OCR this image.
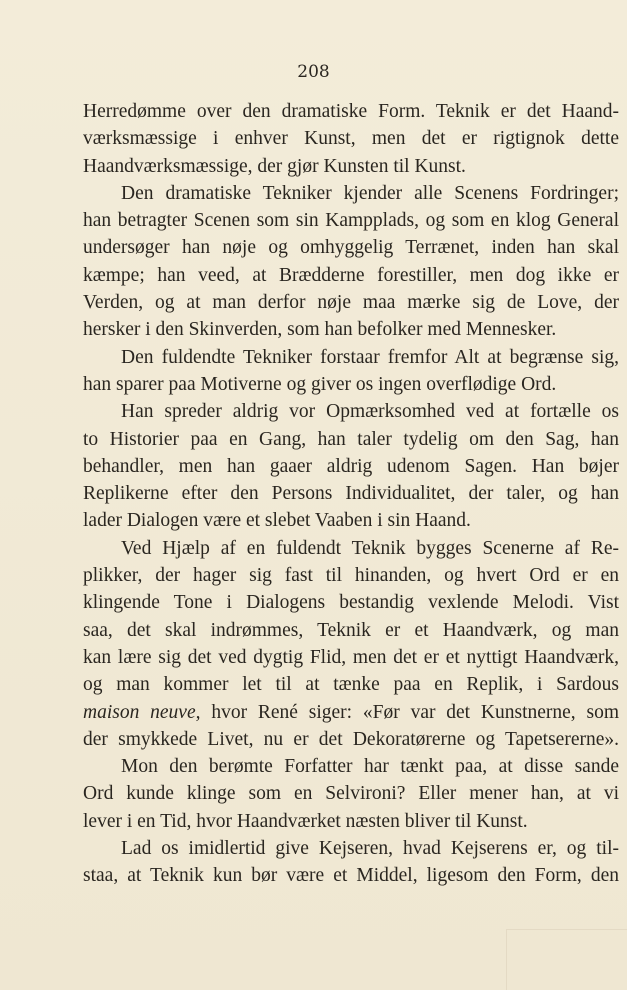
208
Herredømme over den dramatiske Form. Teknik er det Haand-
værksmæssige i enhver Kunst, men det er rigtignok dette
Haandværksmæssige, der gjør Kunsten til Kunst.
Den dramatiske Tekniker kjender alle Scenens Fordringer;
han betragter Scenen som sin Kampplads, og som en klog General
undersøger han nøje og omhyggelig Terrænet, inden han skal
kæmpe; han veed, at Brædderne forestiller, men dog ikke er
Verden, og at man derfor nøje maa mærke sig de Love, der
hersker i den Skinverden, som han befolker med Mennesker.
Den fuldendte Tekniker forstaar fremfor Alt at begrænse sig,
han sparer paa Motiverne og giver os ingen overflødige Ord.
Han spreder aldrig vor Opmærksomhed ved at fortælle os
to Historier paa en Gang, han taler tydelig om den Sag, han
behandler, men han gaaer aldrig udenom Sagen. Han bøjer
Replikerne efter den Persons Individualitet, der taler, og han
lader Dialogen være et slebet Vaaben i sin Haand.
Ved Hjælp af en fuldendt Teknik bygges Scenerne af Re-
plikker, der hager sig fast til hinanden, og hvert Ord er en
klingende Tone i Dialogens bestandig vexlende Melodi. Vist
saa, det skal indrømmes, Teknik er et Haandværk, og man
kan lære sig det ved dygtig Flid, men det er et nyttigt Haandværk,
og man kommer let til at tænke paa en Replik, i Sardous
maison neuve, hvor René siger: «Før var det Kunstnerne, som
der smykkede Livet, nu er det Dekoratørerne og Tapetsererne».
Mon den berømte Forfatter har tænkt paa, at disse sande
Ord kunde klinge som en Selvironi? Eller mener han, at vi
lever i en Tid, hvor Haandværket næsten bliver til Kunst.
Lad os imidlertid give Kejseren, hvad Kejserens er, og til-
staa, at Teknik kun bør være et Middel, ligesom den Form, den
